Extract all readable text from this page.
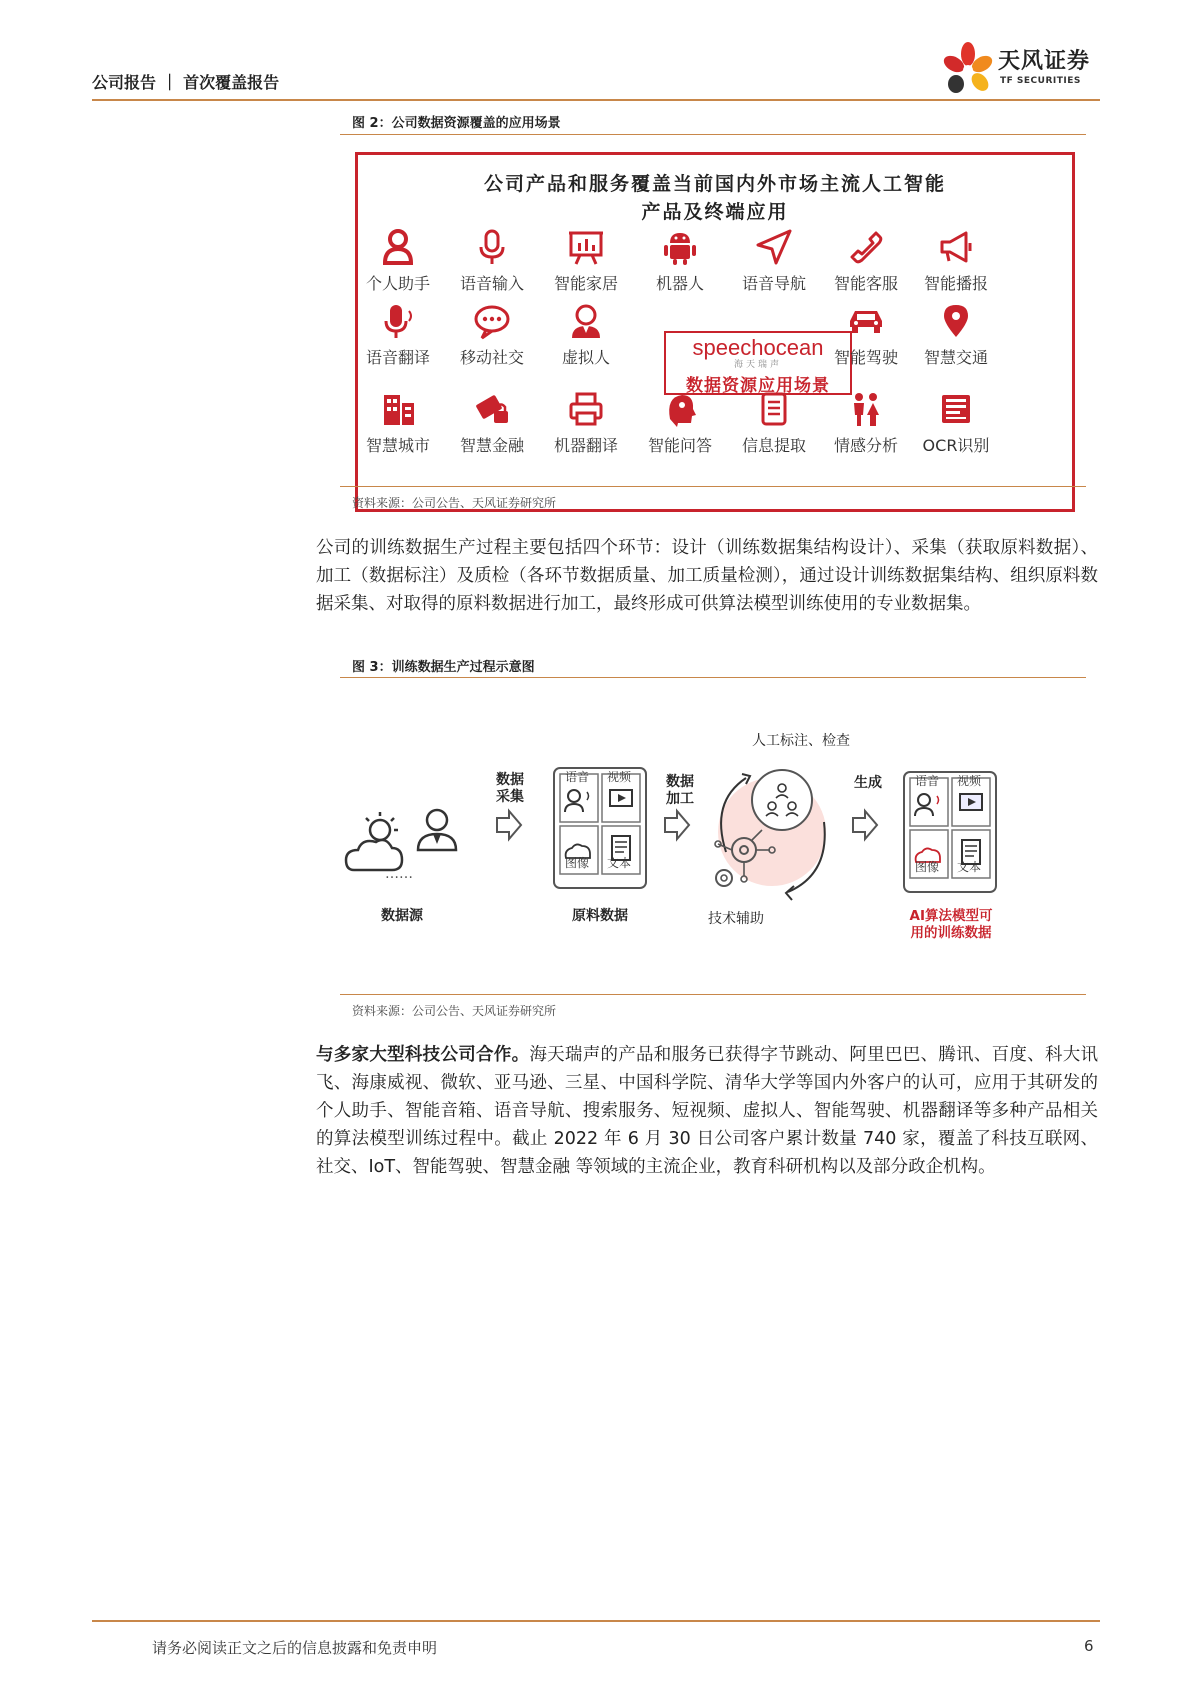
公司报告 ｜ 首次覆盖报告
天风证券
TF SECURITIES
图 2：公司数据资源覆盖的应用场景
公司产品和服务覆盖当前国内外市场主流人工智能
产品及终端应用
个人助手	语音输入	智能家居	机器人	语音导航	智能客服	智能播报
语音翻译	移动社交	虚拟人	speechocean
海天瑞声
数据资源应用场景
智能驾驶	智慧交通
智慧城市	智慧金融	机器翻译	智能问答	信息提取	情感分析	OCR识别
资料来源：公司公告、天风证券研究所
公司的训练数据生产过程主要包括四个环节：设计（训练数据集结构设计）、采集（获取原料数据）、加工（数据标注）及质检（各环节数据质量、加工质量检测），通过设计训练数据集结构、组织原料数据采集、对取得的原料数据进行加工，最终形成可供算法模型训练使用的专业数据集。
图 3：训练数据生产过程示意图
……
数据源
数据
采集
语音 视频
图像 文本
原料数据
数据
加工
人工标注、检查
技术辅助
生成	语音 视频
图像 文本
AI算法模型可
用的训练数据
资料来源：公司公告、天风证券研究所
与多家大型科技公司合作。海天瑞声的产品和服务已获得字节跳动、阿里巴巴、腾讯、百度、科大讯飞、海康威视、微软、亚马逊、三星、中国科学院、清华大学等国内外客户的认可，应用于其研发的个人助手、智能音箱、语音导航、搜索服务、短视频、虚拟人、智能驾驶、机器翻译等多种产品相关的算法模型训练过程中。截止 2022 年 6 月 30 日公司客户累计数量 740 家，覆盖了科技互联网、社交、IoT、智能驾驶、智慧金融 等领域的主流企业，教育科研机构以及部分政企机构。
请务必阅读正文之后的信息披露和免责申明	6
